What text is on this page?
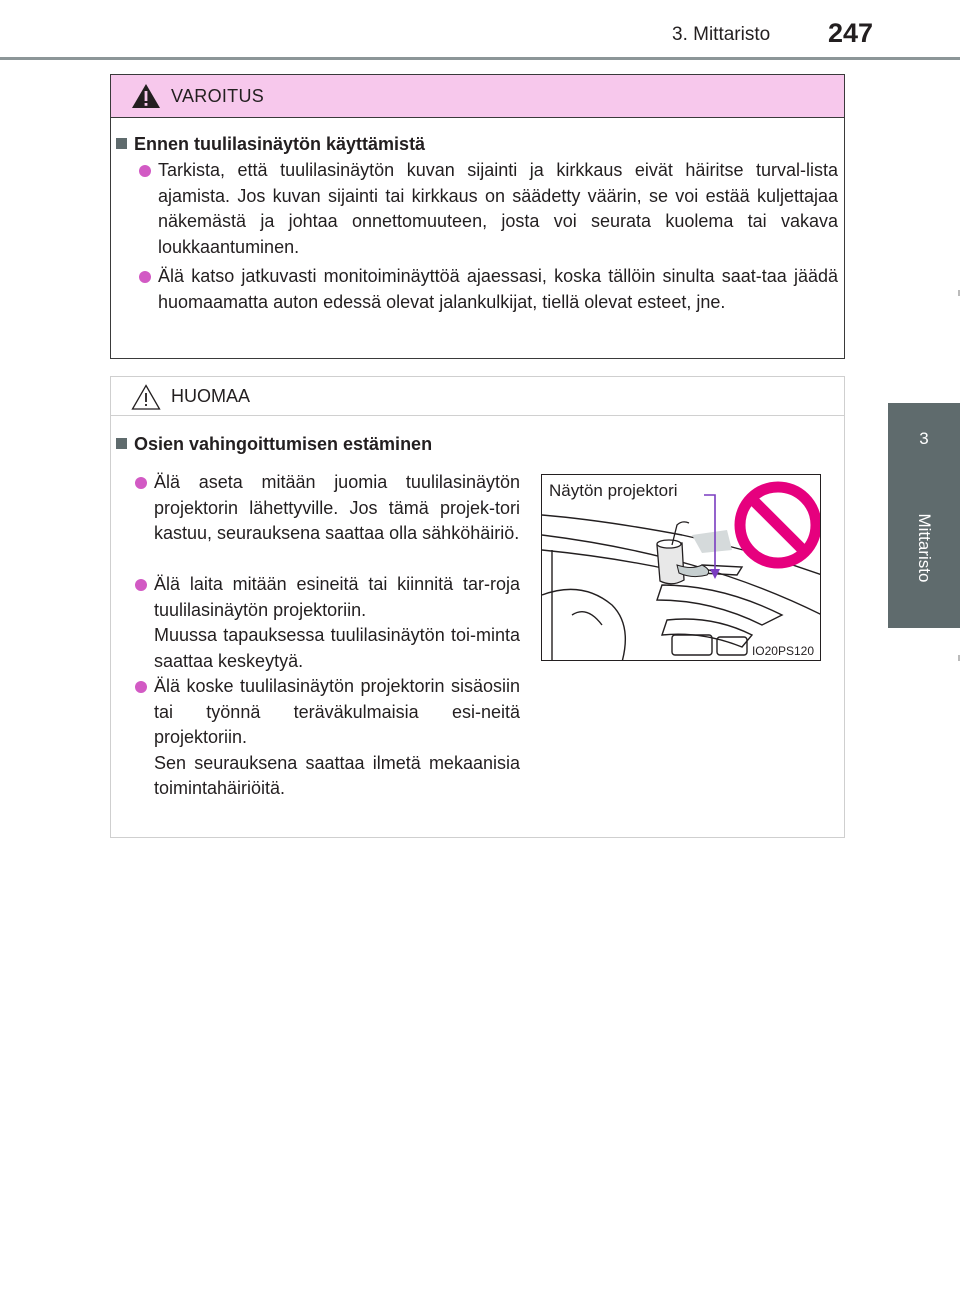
3. Mittaristo 247
3
Mittaristo
VAROITUS
Ennen tuulilasinäytön käyttämistä

Tarkista, että tuulilasinäytön kuvan sijainti ja kirkkaus eivät häiritse turval-lista ajamista. Jos kuvan sijainti tai kirkkaus on säädetty väärin, se voi estää kuljettajaa näkemästä ja johtaa onnettomuuteen, josta voi seurata kuolema tai vakava loukkaantuminen.

Älä katso jatkuvasti monitoiminäyttöä ajaessasi, koska tällöin sinulta saat-taa jäädä huomaamatta auton edessä olevat jalankulkijat, tiellä olevat esteet, jne.

HUOMAA
Osien vahingoittumisen estäminen

Älä aseta mitään juomia tuulilasinäytön projektorin lähettyville. Jos tämä projek-tori kastuu, seurauksena saattaa olla sähköhäiriö.

Älä laita mitään esineitä tai kiinnitä tar-roja tuulilasinäytön projektoriin.

Muussa tapauksessa tuulilasinäytön toi-minta saattaa keskeytyä.

Älä koske tuulilasinäytön projektorin sisäosiin tai työnnä teräväkulmaisia esi-neitä projektoriin.

Sen seurauksena saattaa ilmetä mekaanisia toimintahäiriöitä.

Näytön projektori
IO20PS120
